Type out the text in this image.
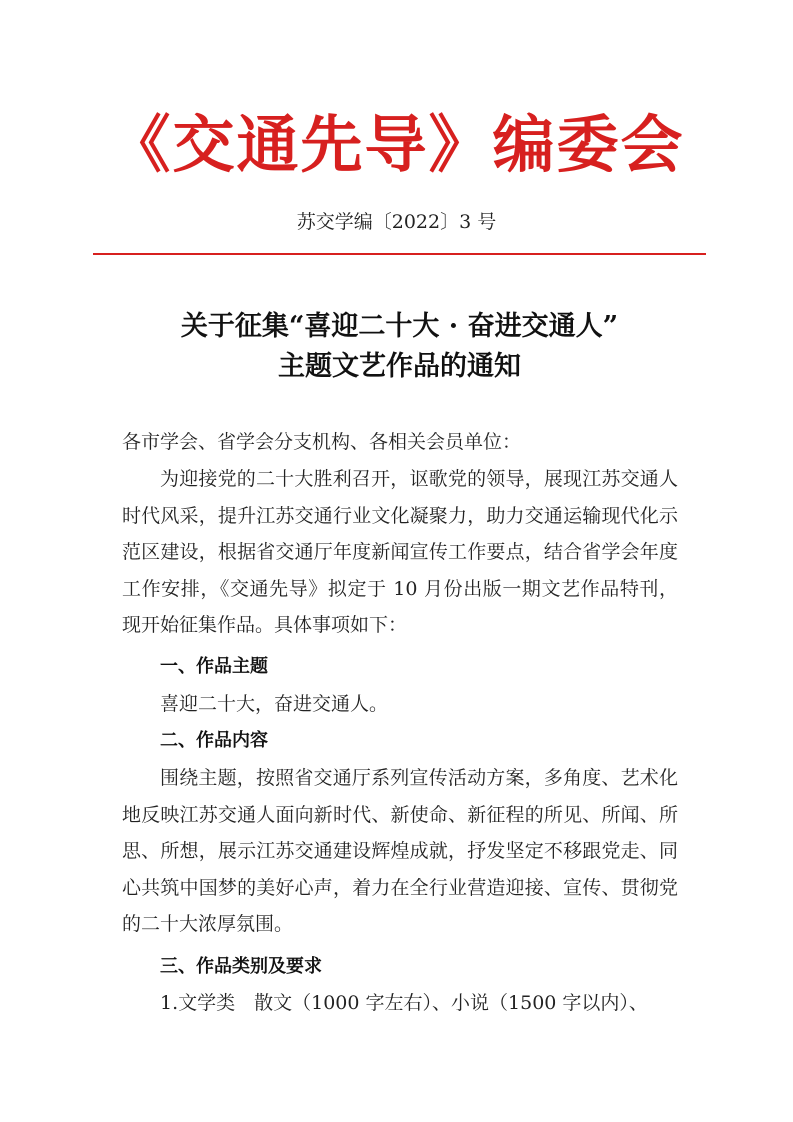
《交通先导》编委会
苏交学编〔2022〕3 号
关于征集“喜迎二十大 · 奋进交通人”
主题文艺作品的通知

各市学会、省学会分支机构、各相关会员单位：

为迎接党的二十大胜利召开，讴歌党的领导，展现江苏交通人时代风采，提升江苏交通行业文化凝聚力，助力交通运输现代化示范区建设，根据省交通厅年度新闻宣传工作要点，结合省学会年度工作安排，《交通先导》拟定于 10 月份出版一期文艺作品特刊，现开始征集作品。具体事项如下：

一、作品主题

喜迎二十大，奋进交通人。

二、作品内容

围绕主题，按照省交通厅系列宣传活动方案，多角度、艺术化地反映江苏交通人面向新时代、新使命、新征程的所见、所闻、所思、所想，展示江苏交通建设辉煌成就，抒发坚定不移跟党走、同心共筑中国梦的美好心声，着力在全行业营造迎接、宣传、贯彻党的二十大浓厚氛围。

三、作品类别及要求

1.文学类　散文（1000 字左右）、小说（1500 字以内）、
